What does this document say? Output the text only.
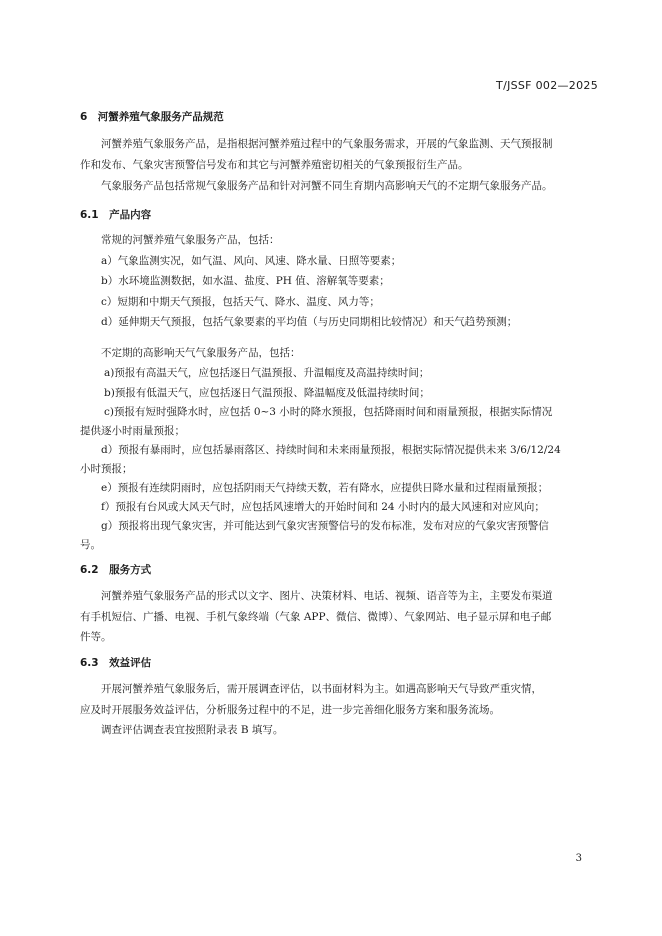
T/JSSF 002—2025
6　河蟹养殖气象服务产品规范
河蟹养殖气象服务产品，是指根据河蟹养殖过程中的气象服务需求，开展的气象监测、天气预报制
作和发布、气象灾害预警信号发布和其它与河蟹养殖密切相关的气象预报衍生产品。
气象服务产品包括常规气象服务产品和针对河蟹不同生育期内高影响天气的不定期气象服务产品。
6.1　产品内容
常规的河蟹养殖气象服务产品，包括：
a）气象监测实况，如气温、风向、风速、降水量、日照等要素；
b）水环境监测数据，如水温、盐度、PH 值、溶解氧等要素；
c）短期和中期天气预报，包括天气、降水、温度、风力等；
d）延伸期天气预报，包括气象要素的平均值（与历史同期相比较情况）和天气趋势预测；
不定期的高影响天气气象服务产品，包括：
a)预报有高温天气，应包括逐日气温预报、升温幅度及高温持续时间；
b)预报有低温天气，应包括逐日气温预报、降温幅度及低温持续时间；
c)预报有短时强降水时，应包括 0~3 小时的降水预报，包括降雨时间和雨量预报，根据实际情况
提供逐小时雨量预报；
d）预报有暴雨时，应包括暴雨落区、持续时间和未来雨量预报，根据实际情况提供未来 3/6/12/24
小时预报；
e）预报有连续阴雨时，应包括阴雨天气持续天数，若有降水，应提供日降水量和过程雨量预报；
f）预报有台风或大风天气时，应包括风速增大的开始时间和 24 小时内的最大风速和对应风向；
g）预报将出现气象灾害，并可能达到气象灾害预警信号的发布标准，发布对应的气象灾害预警信
号。
6.2　服务方式
河蟹养殖气象服务产品的形式以文字、图片、决策材料、电话、视频、语音等为主，主要发布渠道
有手机短信、广播、电视、手机气象终端（气象 APP、微信、微博）、气象网站、电子显示屏和电子邮
件等。
6.3　效益评估
开展河蟹养殖气象服务后，需开展调查评估，以书面材料为主。如遇高影响天气导致严重灾情，
应及时开展服务效益评估，分析服务过程中的不足，进一步完善细化服务方案和服务流场。
调查评估调查表宜按照附录表 B 填写。
3
